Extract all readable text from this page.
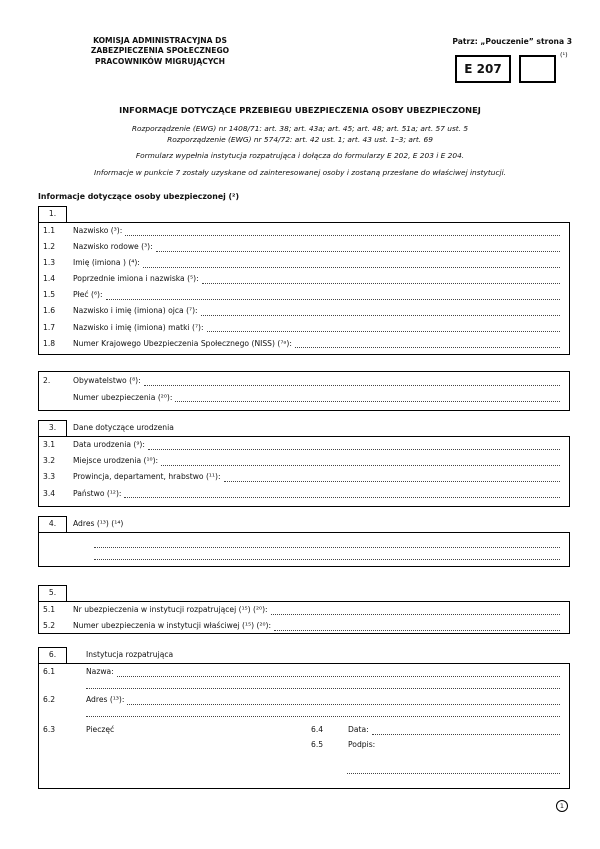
KOMISJA ADMINISTRACYJNA DS
ZABEZPIECZENIA SPOŁECZNEGO
PRACOWNIKÓW MIGRUJĄCYCH
Patrz: „Pouczenie” strona 3
E 207
(¹)
INFORMACJE DOTYCZĄCE PRZEBIEGU UBEZPIECZENIA OSOBY UBEZPIECZONEJ
Rozporządzenie (EWG) nr 1408/71: art. 38; art. 43a; art. 45; art. 48; art. 51a; art. 57 ust. 5
Rozporządzenie (EWG) nr 574/72: art. 42 ust. 1; art. 43 ust. 1–3; art. 69
Formularz wypełnia instytucja rozpatrująca i dołącza do formularzy E 202, E 203 i E 204.
Informacje w punkcie 7 zostały uzyskane od zainteresowanej osoby i zostaną przesłane do właściwej instytucji.
Informacje dotyczące osoby ubezpieczonej (²)
1.
1.1	Nazwisko (³):
1.2	Nazwisko rodowe (³):
1.3	Imię (imiona ) (⁴):
1.4	Poprzednie imiona i nazwiska (⁵):
1.5	Płeć (⁶):
1.6	Nazwisko i imię (imiona) ojca (⁷):
1.7	Nazwisko i imię (imiona) matki (⁷):
1.8	Numer Krajowego Ubezpieczenia Społecznego (NISS) (⁷ᵃ):
2.	Obywatelstwo (⁸):
Numer ubezpieczenia (²⁰):
3.	Dane dotyczące urodzenia
3.1	Data urodzenia (⁹):
3.2	Miejsce urodzenia (¹⁰):
3.3	Prowincja, departament, hrabstwo (¹¹):
3.4	Państwo (¹²):
4.	Adres (¹³) (¹⁴)
5.
5.1	Nr ubezpieczenia w instytucji rozpatrującej (¹⁵) (²⁰):
5.2	Numer ubezpieczenia w instytucji właściwej (¹⁵) (²⁰):
6.	Instytucja rozpatrująca
6.1	Nazwa:
6.2	Adres (¹³):
6.3	Pieczęć	6.4	Data:
6.5	Podpis:
1
